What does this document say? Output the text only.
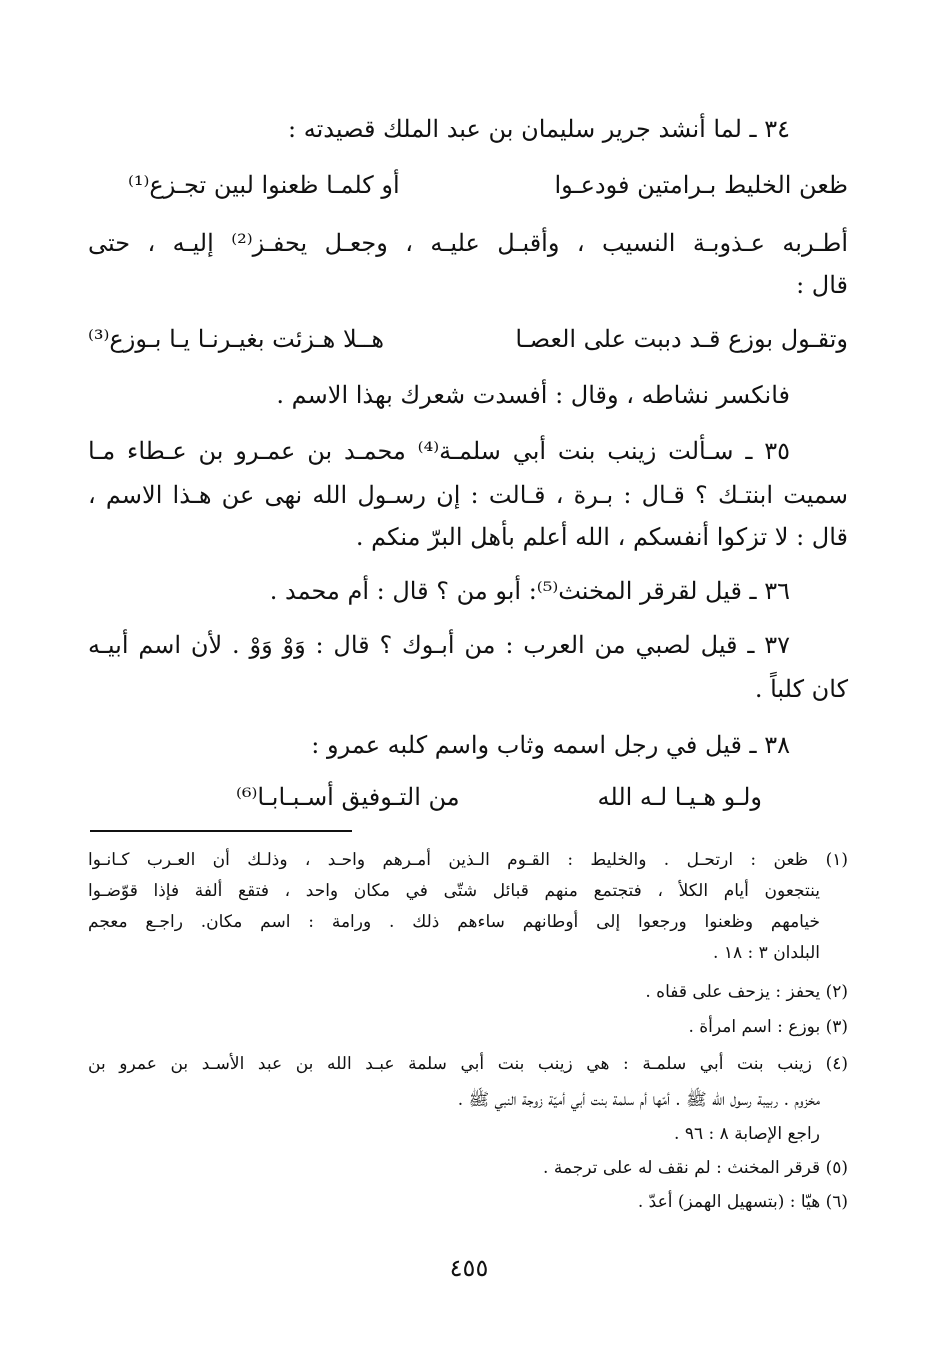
٣٤ ـ لما أنشد جرير سليمان بن عبد الملك قصيدته :
ظعن الخليط بـرامتين فودعـوا
أو كلمـا ظعنوا لبين تجـزع⁽¹⁾
أطـربه عـذوبـة النسيب ، وأقبـل عليـه ، وجعـل يحفـز⁽²⁾ إليـه ، حتى
قال :
وتقـول بوزع قـد دببت على العصـا
هــلا هـزئت بغيـرنـا يـا بـوزع⁽³⁾
فانكسر نشاطه ، وقال : أفسدت شعرك بهذا الاسم .
٣٥ ـ سـألت زينب بنت أبي سلمـة⁽⁴⁾ محمـد بن عمـرو بن عـطاء مـا
سميت ابنتـك ؟ قـال : بـرة ، قـالت : إن رسـول الله نهى عن هـذا الاسم ،
قال : لا تزكوا أنفسكم ، الله أعلم بأهل البرّ منكم .
٣٦ ـ قيل لقرقر المخنث⁽⁵⁾: أبو من ؟ قال : أم محمد .
٣٧ ـ قيل لصبي من العرب : من أبـوك ؟ قال : وَوْ وَوْ . لأن اسم أبيـه
كان كلباً .
٣٨ ـ قيل في رجل اسمه وثاب واسم كلبه عمرو :
ولـو هـيـا لـه الله
من التـوفيق أسـبـابـا⁽⁶⁾
(١) ظعن : ارتحـل . والخليط : القـوم الـذين أمـرهم واحـد ، وذلـك أن العـرب كـانـوا
ينتجعون أيام الكلأ ، فتجتمع منهم قبائل شتّى في مكان واحد ، فتقع ألفة فإذا قوّضـوا
خيامهم وظعنوا ورجعوا إلى أوطانهم ساءهم ذلك . ورامة : اسم مكان. راجـع معجم
البلدان ٣ : ١٨ .
(٢) يحفز : يزحف على قفاه .
(٣) بوزع : اسم امرأة .
(٤) زينب بنت أبي سلمـة : هي زينب بنت أبي سلمة عبـد الله بن عبد الأسـد بن عمرو بن
مخزوم . ربيبة رسول الله ﷺ . أمّها أم سلمة بنت أبي أميّة زوجة النبي ﷺ .
راجع الإصابة ٨ : ٩٦ .
(٥) قرقر المخنث : لم نقف له على ترجمة .
(٦) هيّا : (بتسهيل الهمز) أعدّ .
٤٥٥
